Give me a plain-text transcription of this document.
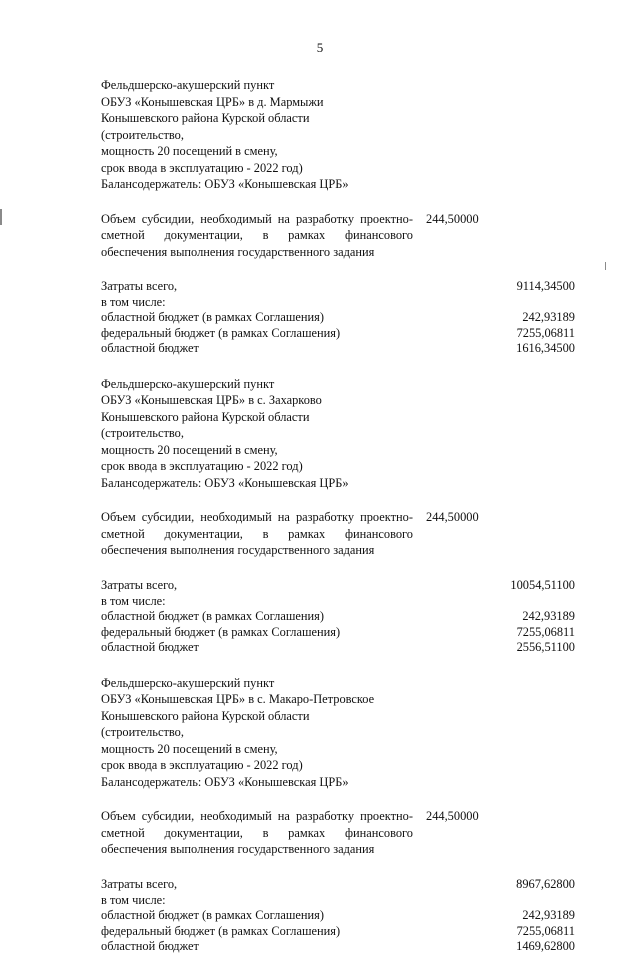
5
Фельдшерско-акушерский пункт
ОБУЗ «Конышевская ЦРБ» в д. Мармыжи
Конышевского района Курской области
(строительство,
мощность 20 посещений в смену,
срок ввода в эксплуатацию - 2022 год)
Балансодержатель: ОБУЗ «Конышевская ЦРБ»
Объем субсидии, необходимый на разработку проектно-
сметной документации, в рамках финансового
обеспечения выполнения государственного задания
244,50000
Затраты всего,	9114,34500
в том числе:
областной бюджет (в рамках Соглашения)	242,93189
федеральный бюджет (в рамках Соглашения)	7255,06811
областной бюджет	1616,34500
Фельдшерско-акушерский пункт
ОБУЗ «Конышевская ЦРБ» в с. Захарково
Конышевского района Курской области
(строительство,
мощность 20 посещений в смену,
срок ввода в эксплуатацию - 2022 год)
Балансодержатель: ОБУЗ «Конышевская ЦРБ»
Объем субсидии, необходимый на разработку проектно-
сметной документации, в рамках финансового
обеспечения выполнения государственного задания
244,50000
Затраты всего,	10054,51100
в том числе:
областной бюджет (в рамках Соглашения)	242,93189
федеральный бюджет (в рамках Соглашения)	7255,06811
областной бюджет	2556,51100
Фельдшерско-акушерский пункт
ОБУЗ «Конышевская ЦРБ» в с. Макаро-Петровское
Конышевского района Курской области
(строительство,
мощность 20 посещений в смену,
срок ввода в эксплуатацию - 2022 год)
Балансодержатель: ОБУЗ «Конышевская ЦРБ»
Объем субсидии, необходимый на разработку проектно-
сметной документации, в рамках финансового
обеспечения выполнения государственного задания
244,50000
Затраты всего,	8967,62800
в том числе:
областной бюджет (в рамках Соглашения)	242,93189
федеральный бюджет (в рамках Соглашения)	7255,06811
областной бюджет	1469,62800
